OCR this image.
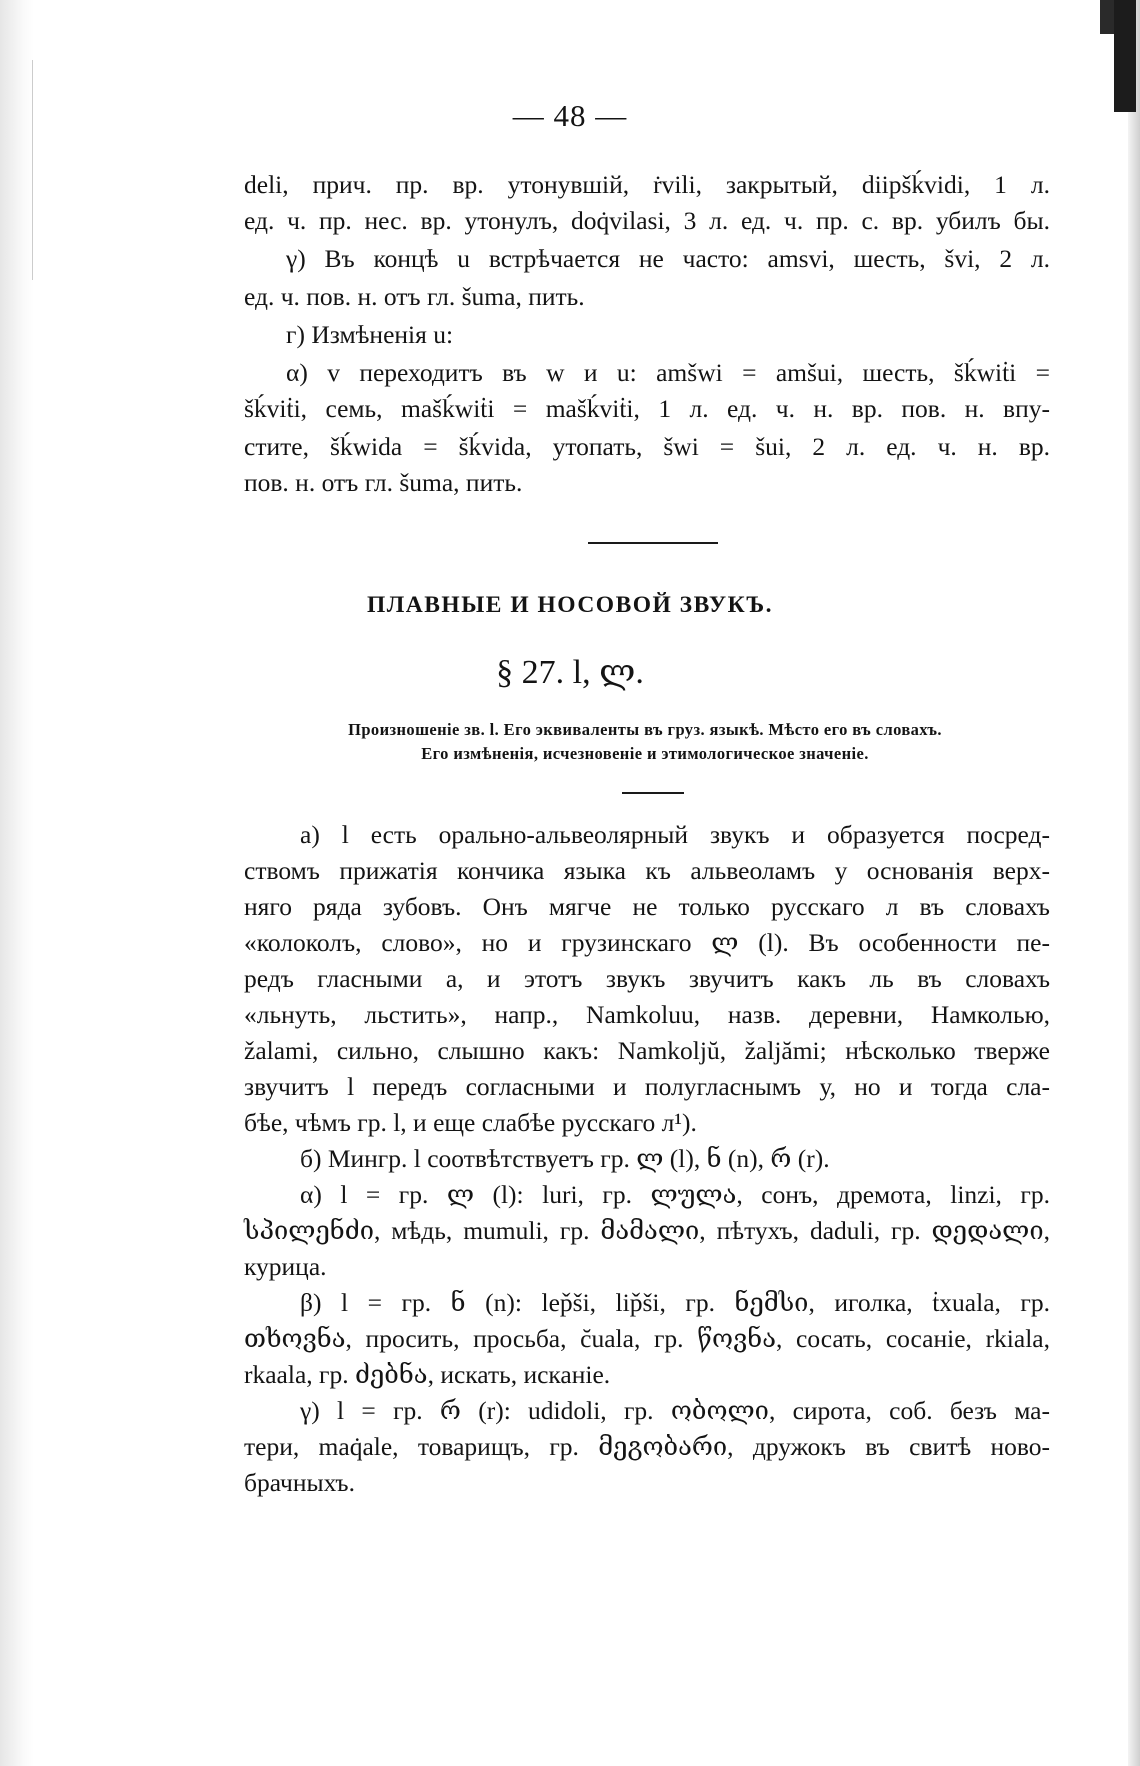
— 48 —
deli, прич. пр. вр. утонувшій, ṙvili, закрытый, diipšḱvidi, 1 л.
ед. ч. пр. нес. вр. утонулъ, doq̇vilasi, 3 л. ед. ч. пр. с. вр. убилъ бы.
γ) Въ концѣ u встрѣчается не часто: amsvi, шесть, švi, 2 л.
ед. ч. пов. н. отъ гл. šuma, пить.
г) Измѣненія u:
α) v переходитъ въ w и u: amšwi = amšui, шесть, šḱwiṫi =
šḱviṫi, семь, mašḱwiṫi = mašḱviṫi, 1 л. ед. ч. н. вр. пов. н. впу-
стите, šḱwida = šḱvida, утопать, šwi = šui, 2 л. ед. ч. н. вр.
пов. н. отъ гл. šuma, пить.
ПЛАВНЫЕ И НОСОВОЙ ЗВУКЪ.
§ 27. l, ლ.
Произношеніе зв. l. Его эквиваленты въ груз. языкѣ. Мѣсто его въ словахъ.
Его измѣненія, исчезновеніе и этимологическое значеніе.
а) l есть орально-альвеолярный звукъ и образуется посред-
ствомъ прижатія кончика языка къ альвеоламъ у основанія верх-
няго ряда зубовъ. Онъ мягче не только русскаго л въ словахъ
«колоколъ, слово», но и грузинскаго ლ (l). Въ особенности пе-
редъ гласными а, и этотъ звукъ звучитъ какъ ль въ словахъ
«льнуть, льстить», напр., Namkoluu, назв. деревни, Намколью,
žalami, сильно, слышно какъ: Namkoljŭ, žaljămi; нѣсколько тверже
звучитъ l передъ согласными и полугласнымъ у, но и тогда сла-
бѣе, чѣмъ гр. l, и еще слабѣе русскаго л¹).
б) Мингр. l соотвѣтствуетъ гр. ლ (l), ნ (n), რ (r).
α) l = гр. ლ (l): luri, гр. ლულა, сонъ, дремота, linzi, гр.
სპილენძი, мѣдь, mumuli, гр. მამალი, пѣтухъ, daduli, гр. დედალი,
курица.
β) l = гр. ნ (n): lep̌ši, lip̌ši, гр. ნემსი, иголка, ṫxuala, гр.
თხოვნა, просить, просьба, c̆uala, гр. წოვნა, сосать, сосаніе, rkiala,
rkaala, гр. ძებნა, искать, исканіе.
γ) l = гр. რ (r): udidoli, гр. ობოლი, сирота, соб. безъ ма-
тери, maq̇ale, товарищъ, гр. მეგობარი, дружокъ въ свитѣ ново-
брачныхъ.
